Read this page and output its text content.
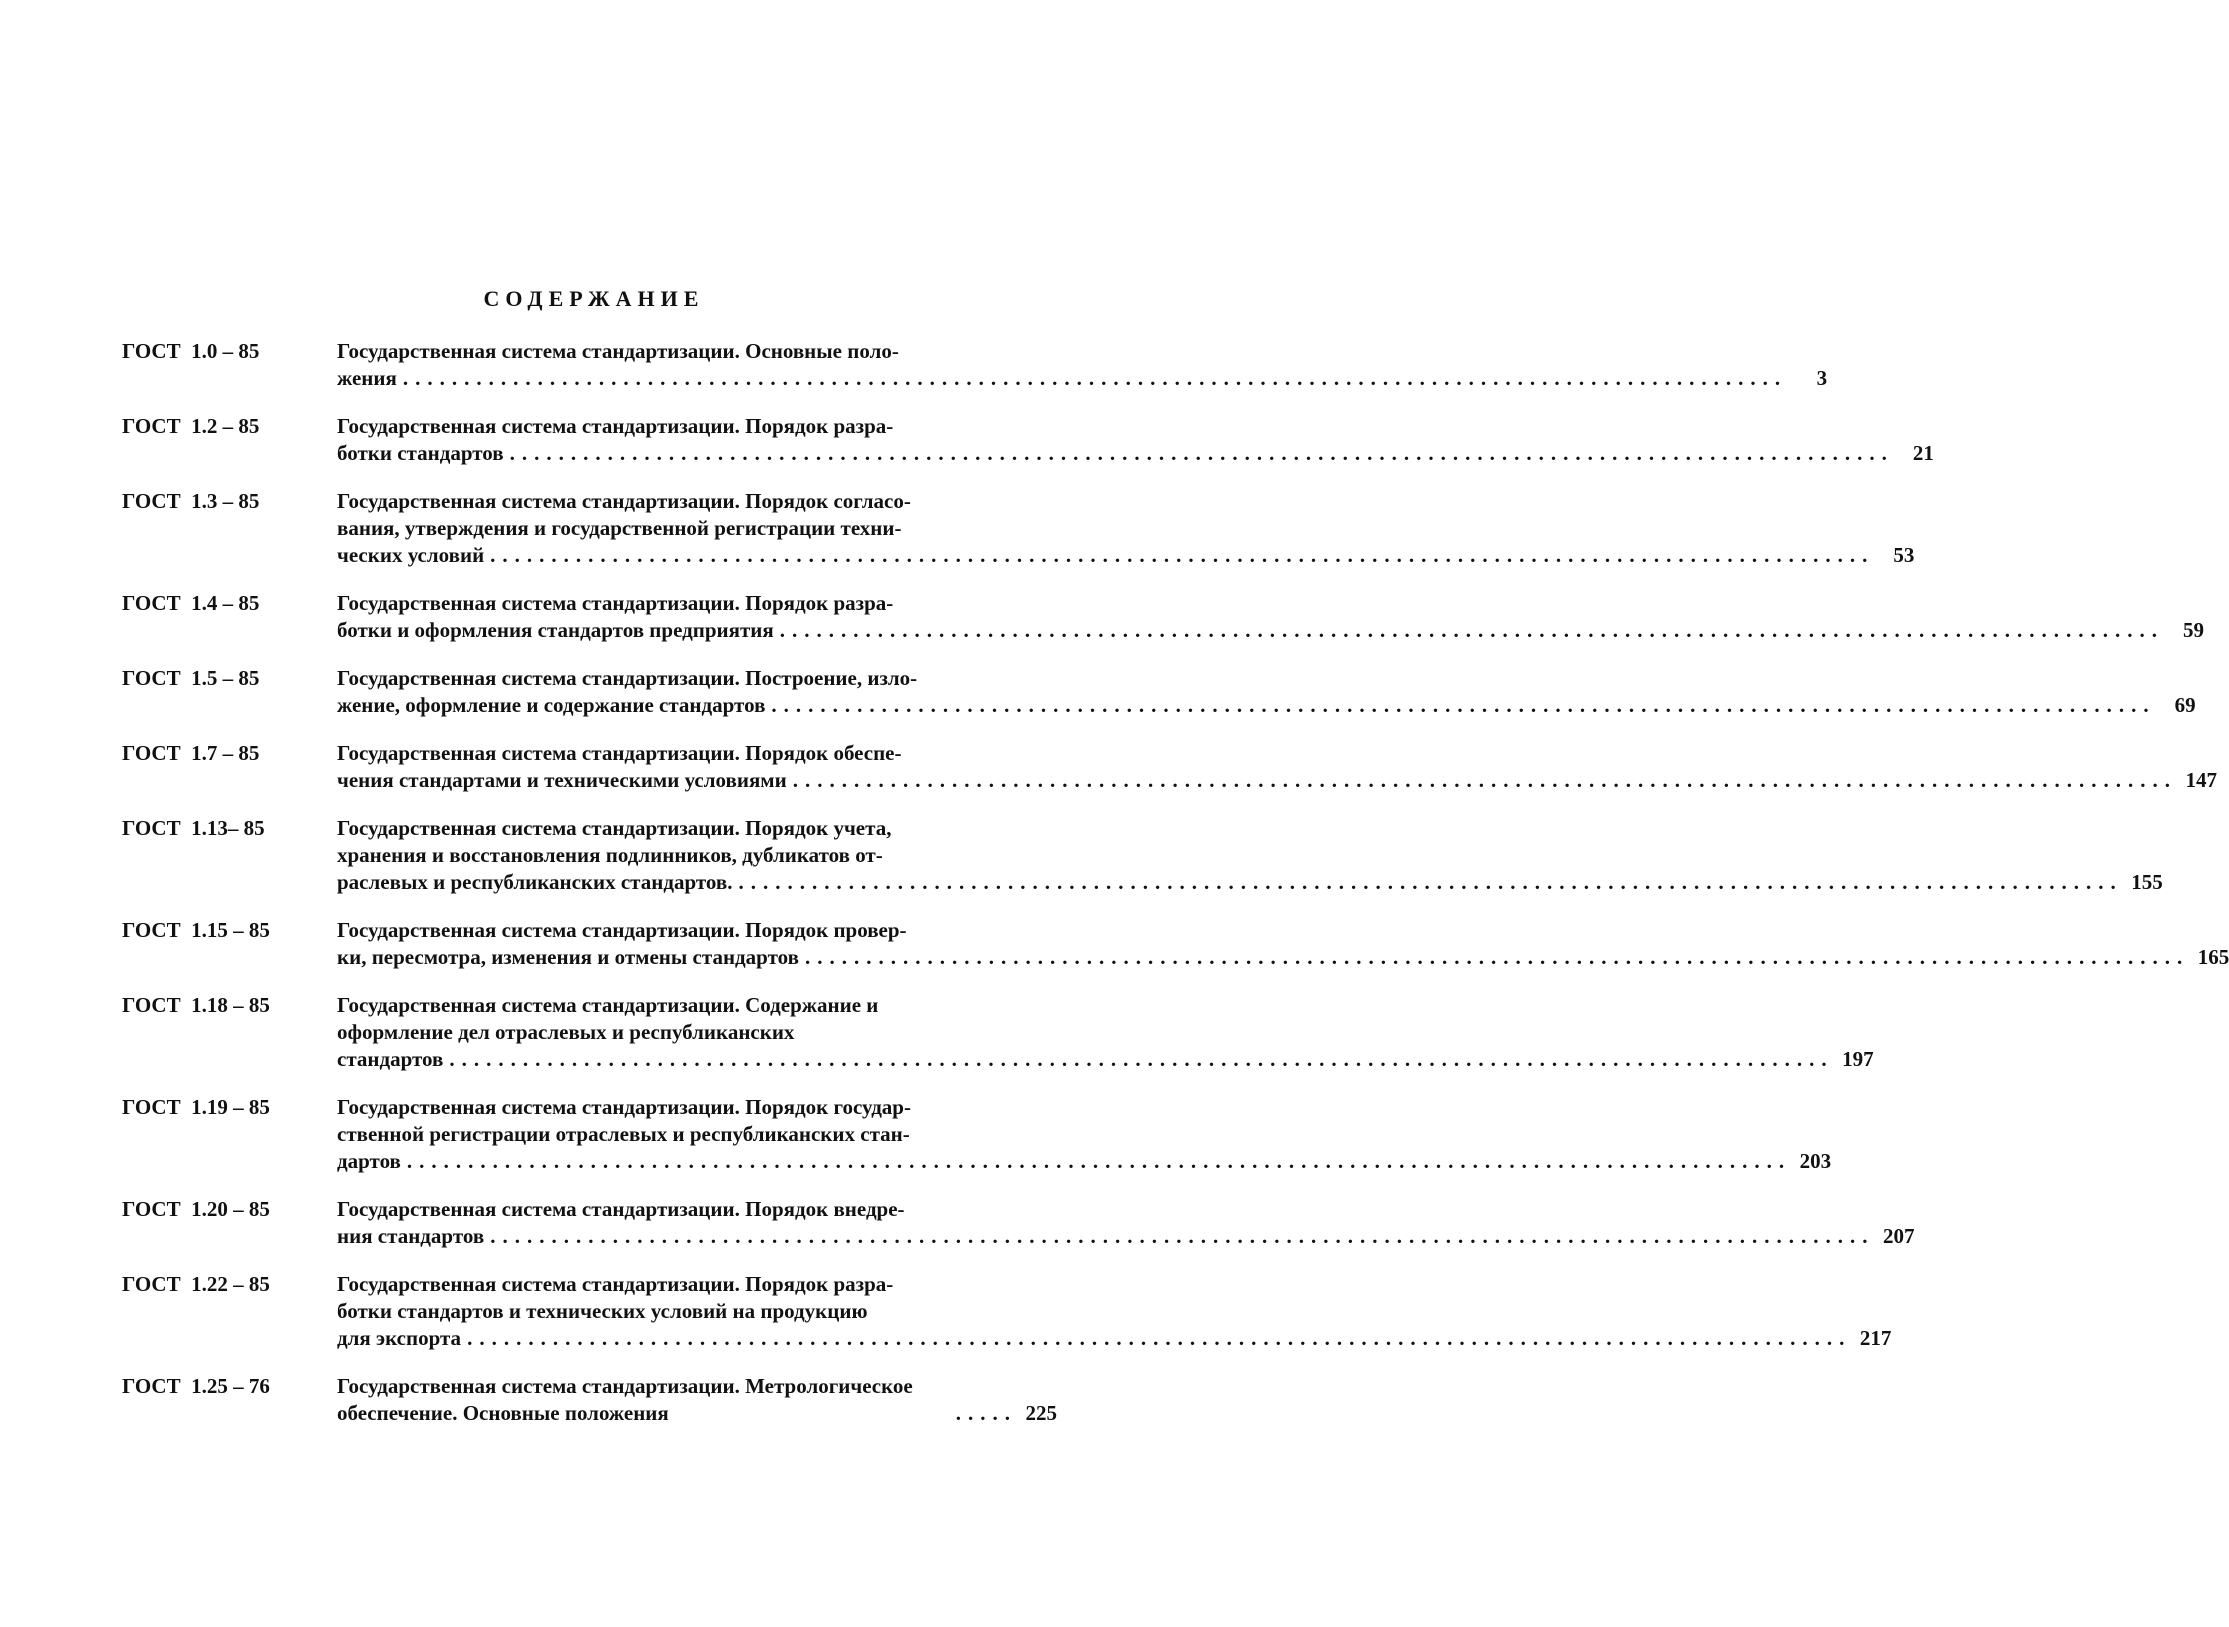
СОДЕРЖАНИЕ
ГОСТ  1.0 – 85	Государственная система стандартизации. Основные поло-
жения .................................................................................................................	3
ГОСТ  1.2 – 85	Государственная система стандартизации. Порядок разра-
ботки стандартов ................................................................................................................. 21
ГОСТ  1.3 – 85	Государственная система стандартизации. Порядок согласо-
вания, утверждения и государственной регистрации техни-
ческих условий ................................................................................................................. 53
ГОСТ  1.4 – 85	Государственная система стандартизации. Порядок разра-
ботки и оформления стандартов предприятия ................................................................................................................. 59
ГОСТ  1.5 – 85	Государственная система стандартизации. Построение, изло-
жение, оформление и содержание стандартов ................................................................................................................. 69
ГОСТ  1.7 – 85	Государственная система стандартизации. Порядок обеспе-
чения стандартами и техническими условиями ................................................................................................................. 147
ГОСТ  1.13– 85	Государственная система стандартизации. Порядок учета,
хранения и восстановления подлинников, дубликатов от-
раслевых и республиканских стандартов. ................................................................................................................. 155
ГОСТ  1.15 – 85	Государственная система стандартизации. Порядок провер-
ки, пересмотра, изменения и отмены стандартов ................................................................................................................. 165
ГОСТ  1.18 – 85	Государственная система стандартизации. Содержание и
оформление дел отраслевых и республиканских
стандартов ................................................................................................................. 197
ГОСТ  1.19 – 85	Государственная система стандартизации. Порядок государ-
ственной регистрации отраслевых и республиканских стан-
дартов ................................................................................................................. 203
ГОСТ  1.20 – 85	Государственная система стандартизации. Порядок внедре-
ния стандартов ................................................................................................................. 207
ГОСТ  1.22 – 85	Государственная система стандартизации. Порядок разра-
ботки стандартов и технических условий на продукцию
для экспорта ................................................................................................................. 217
ГОСТ  1.25 – 76	Государственная система стандартизации. Метрологическое
обеспечение. Основные положения	..... 225
